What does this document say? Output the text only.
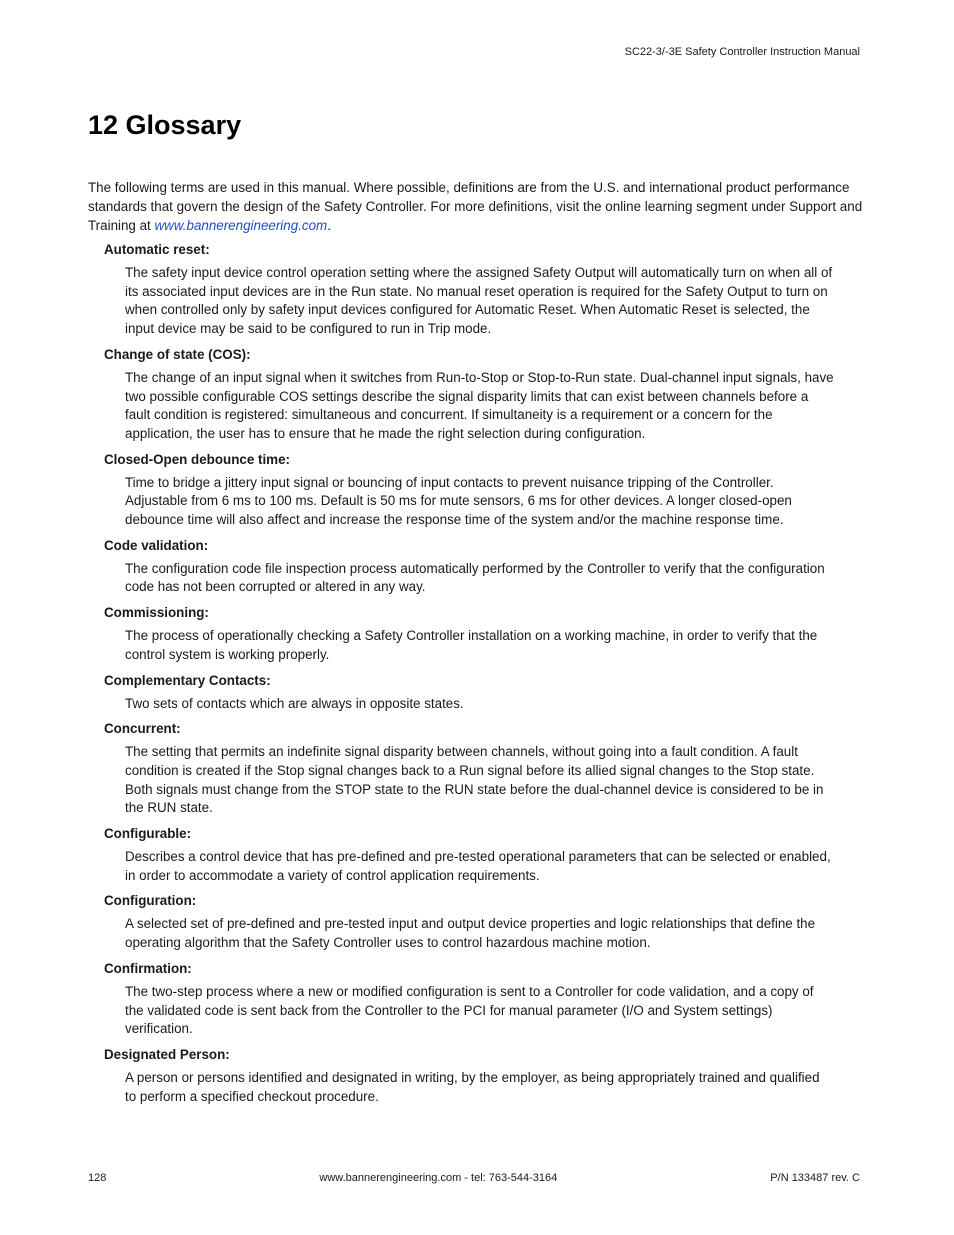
SC22-3/-3E Safety Controller Instruction Manual
12 Glossary

The following terms are used in this manual. Where possible, definitions are from the U.S. and international product performance standards that govern the design of the Safety Controller. For more definitions, visit the online learning segment under Support and Training at www.bannerengineering.com.

Automatic reset:
The safety input device control operation setting where the assigned Safety Output will automatically turn on when all of its associated input devices are in the Run state. No manual reset operation is required for the Safety Output to turn on when controlled only by safety input devices configured for Automatic Reset. When Automatic Reset is selected, the input device may be said to be configured to run in Trip mode.
Change of state (COS):
The change of an input signal when it switches from Run-to-Stop or Stop-to-Run state. Dual-channel input signals, have two possible configurable COS settings describe the signal disparity limits that can exist between channels before a fault condition is registered: simultaneous and concurrent. If simultaneity is a requirement or a concern for the application, the user has to ensure that he made the right selection during configuration.
Closed-Open debounce time:
Time to bridge a jittery input signal or bouncing of input contacts to prevent nuisance tripping of the Controller. Adjustable from 6 ms to 100 ms. Default is 50 ms for mute sensors, 6 ms for other devices. A longer closed-open debounce time will also affect and increase the response time of the system and/or the machine response time.
Code validation:
The configuration code file inspection process automatically performed by the Controller to verify that the configuration code has not been corrupted or altered in any way.
Commissioning:
The process of operationally checking a Safety Controller installation on a working machine, in order to verify that the control system is working properly.
Complementary Contacts:
Two sets of contacts which are always in opposite states.
Concurrent:
The setting that permits an indefinite signal disparity between channels, without going into a fault condition. A fault condition is created if the Stop signal changes back to a Run signal before its allied signal changes to the Stop state. Both signals must change from the STOP state to the RUN state before the dual-channel device is considered to be in the RUN state.
Configurable:
Describes a control device that has pre-defined and pre-tested operational parameters that can be selected or enabled, in order to accommodate a variety of control application requirements.
Configuration:
A selected set of pre-defined and pre-tested input and output device properties and logic relationships that define the operating algorithm that the Safety Controller uses to control hazardous machine motion.
Confirmation:
The two-step process where a new or modified configuration is sent to a Controller for code validation, and a copy of the validated code is sent back from the Controller to the PCI for manual parameter (I/O and System settings) verification.
Designated Person:
A person or persons identified and designated in writing, by the employer, as being appropriately trained and qualified to perform a specified checkout procedure.
128	www.bannerengineering.com - tel: 763-544-3164	P/N 133487 rev. C
